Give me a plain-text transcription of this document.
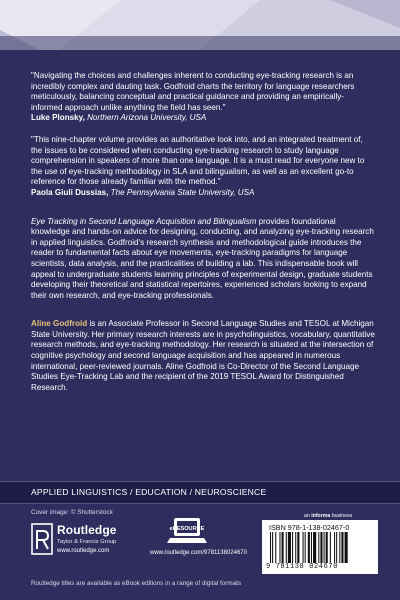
"Navigating the choices and challenges inherent to conducting eye-tracking research is an incredibly complex and dauting task. Godfroid charts the territory for language researchers meticulously, balancing conceptual and practical guidance and providing an empirically-informed approach unlike anything the field has seen."

Luke Plonsky, Northern Arizona University, USA

"This nine-chapter volume provides an authoritative look into, and an integrated treatment of, the issues to be considered when conducting eye-tracking research to study language comprehension in speakers of more than one language. It is a must read for everyone new to the use of eye-tracking methodology in SLA and bilingualism, as well as an excellent go-to reference for those already familiar with the method."

Paola Giuli Dussias, The Pennsylvania State University, USA

Eye Tracking in Second Language Acquisition and Bilingualism provides foundational knowledge and hands-on advice for designing, conducting, and analyzing eye-tracking research in applied linguistics. Godfroid's research synthesis and methodological guide introduces the reader to fundamental facts about eye movements, eye-tracking paradigms for language scientists, data analysis, and the practicalities of building a lab. This indispensable book will appeal to undergraduate students learning principles of experimental design, graduate students developing their theoretical and statistical repertoires, experienced scholars looking to expand their own research, and eye-tracking professionals.

Aline Godfroid is an Associate Professor in Second Language Studies and TESOL at Michigan State University. Her primary research interests are in psycholinguistics, vocabulary, quantitative research methods, and eye-tracking methodology. Her research is situated at the intersection of cognitive psychology and second language acquisition and has appeared in numerous international, peer-reviewed journals. Aline Godfroid is Co-Director of the Second Language Studies Eye-Tracking Lab and the recipient of the 2019 TESOL Award for Distinguished Research.

APPLIED LINGUISTICS / EDUCATION / NEUROSCIENCE
Cover image: © Shutterstock
Routledge
Taylor & Francis Group
www.routledge.com
eRESOURCE
www.routledge.com/9781138024670
an informa business
ISBN 978-1-138-02467-0
9 781138 024670
Routledge titles are available as eBook editions in a range of digital formats
